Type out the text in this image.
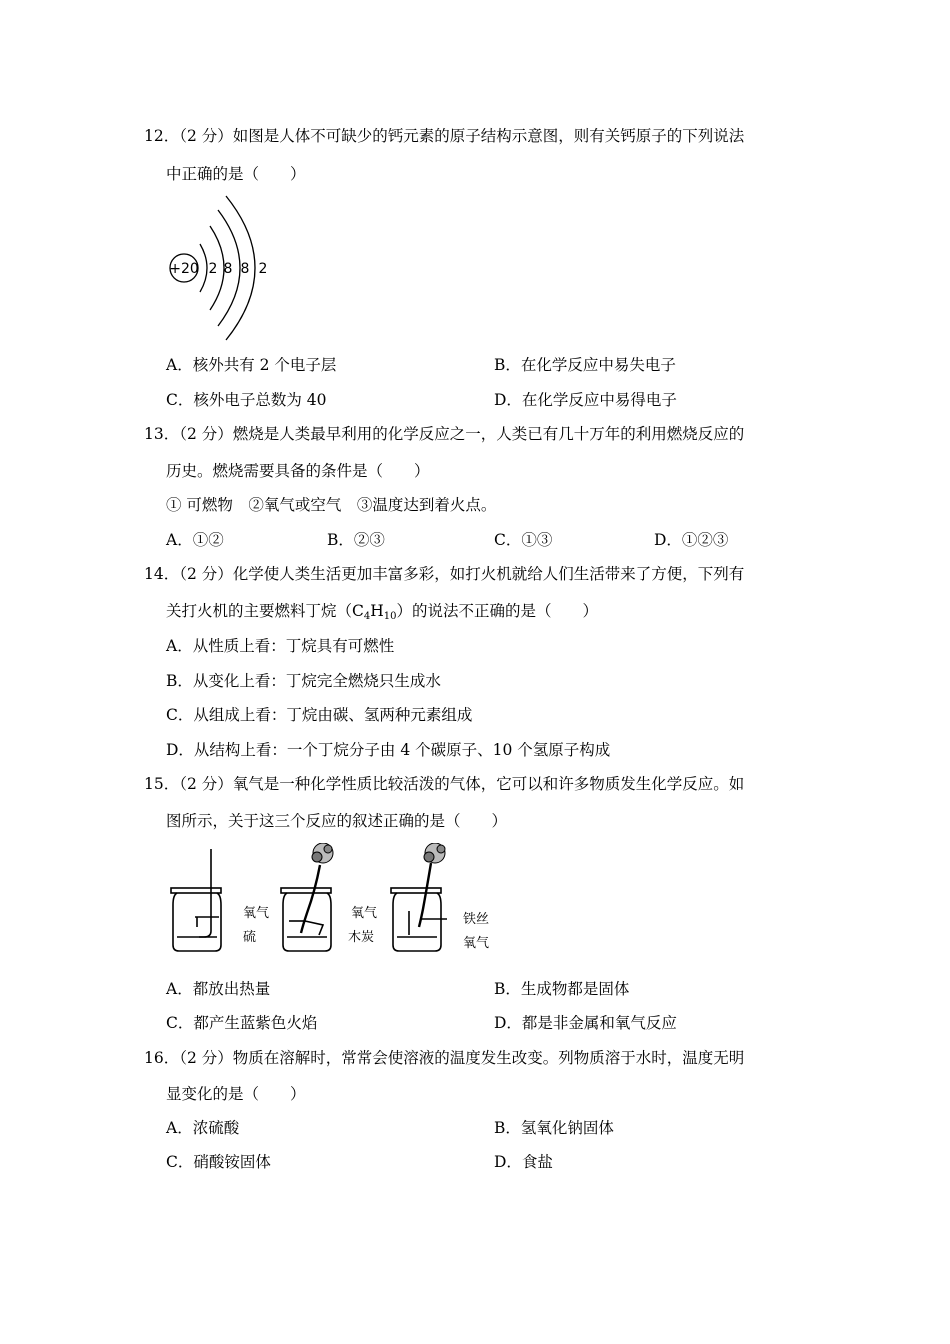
12．（2 分）如图是人体不可缺少的钙元素的原子结构示意图，则有关钙原子的下列说法
中正确的是（　　）
+20 2 8 8 2
A．核外共有 2 个电子层	B．在化学反应中易失电子
C．核外电子总数为 40	D．在化学反应中易得电子
13．（2 分）燃烧是人类最早利用的化学反应之一，人类已有几十万年的利用燃烧反应的
历史。燃烧需要具备的条件是（　　）
① 可燃物　②氧气或空气　③温度达到着火点。
A．①②	B．②③	C．①③	D．①②③
14．（2 分）化学使人类生活更加丰富多彩，如打火机就给人们生活带来了方便，下列有
关打火机的主要燃料丁烷$(C_4H_{10})$的说法不正确的是（　　）
A．从性质上看：丁烷具有可燃性
B．从变化上看：丁烷完全燃烧只生成水
C．从组成上看：丁烷由碳、氢两种元素组成
D．从结构上看：一个丁烷分子由 4 个碳原子、10 个氢原子构成
15．（2 分）氧气是一种化学性质比较活泼的气体，它可以和许多物质发生化学反应。如
图所示，关于这三个反应的叙述正确的是（　　）
氧气
硫
氧气
木炭
铁丝
氧气
A．都放出热量	B．生成物都是固体
C．都产生蓝紫色火焰	D．都是非金属和氧气反应
16．（2 分）物质在溶解时，常常会使溶液的温度发生改变。列物质溶于水时，温度无明
显变化的是（　　）
A．浓硫酸	B．氢氧化钠固体
C．硝酸铵固体	D．食盐
